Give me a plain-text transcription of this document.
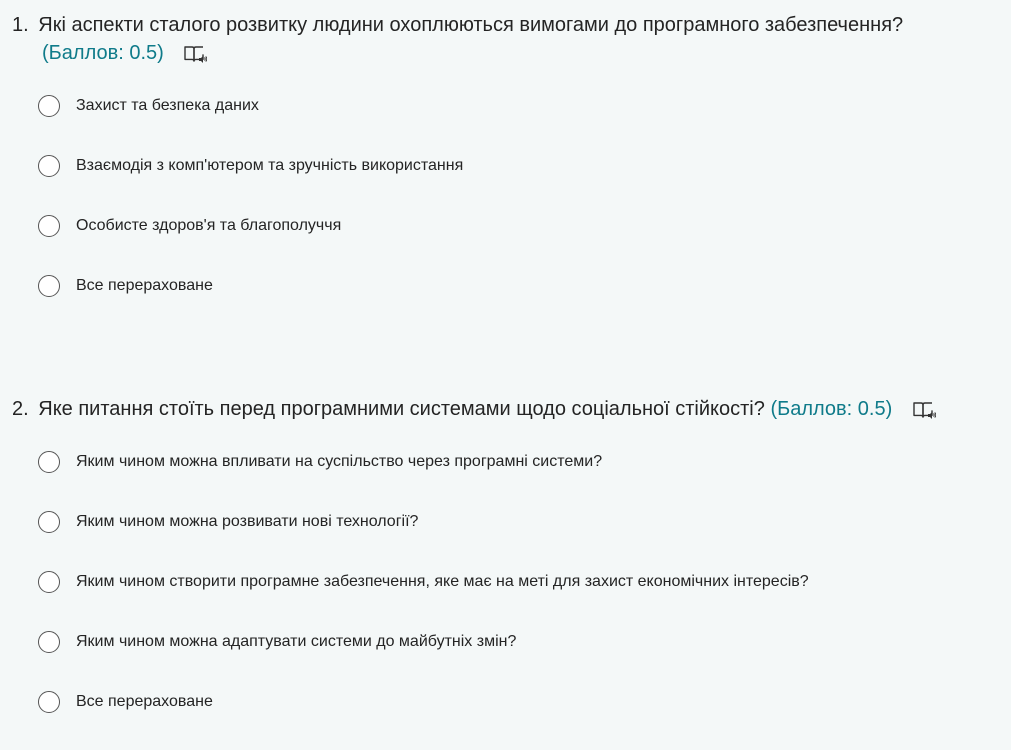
1. Які аспекти сталого розвитку людини охоплюються вимогами до програмного забезпечення?
(Баллов: 0.5)
Захист та безпека даних
Взаємодія з комп'ютером та зручність використання
Особисте здоров'я та благополуччя
Все перераховане
2. Яке питання стоїть перед програмними системами щодо соціальної стійкості? (Баллов: 0.5)
Яким чином можна впливати на суспільство через програмні системи?
Яким чином можна розвивати нові технології?
Яким чином створити програмне забезпечення, яке має на меті для захист економічних інтересів?
Яким чином можна адаптувати системи до майбутніх змін?
Все перераховане
